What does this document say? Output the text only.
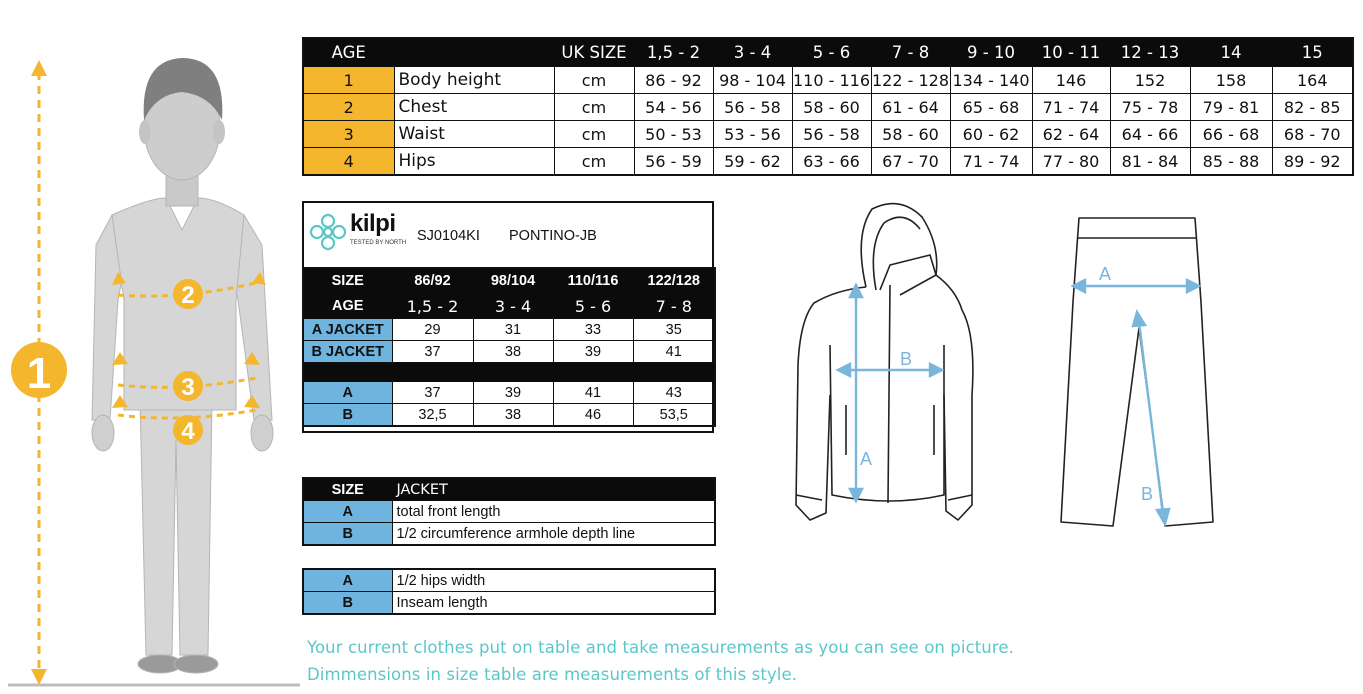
1
2
3
4
AGE		UK SIZE	1,5 - 2	3 - 4	5 - 6	7 - 8	9 - 10	10 - 11	12 - 13	14	15
1	Body height	cm	86 - 92	98 - 104	110 - 116	122 - 128	134 - 140	146	152	158	164
2	Chest	cm	54 - 56	56 - 58	58 - 60	61 - 64	65 - 68	71 - 74	75 - 78	79 - 81	82 - 85
3	Waist	cm	50 - 53	53 - 56	56 - 58	58 - 60	60 - 62	62 - 64	64 - 66	66 - 68	68 - 70
4	Hips	cm	56 - 59	59 - 62	63 - 66	67 - 70	71 - 74	77 - 80	81 - 84	85 - 88	89 - 92
kilpi
TESTED BY NORTH SJ0104KI PONTINO-JB
SIZE	86/92	98/104	110/116	122/128
AGE	1,5 - 2	3 - 4	5 - 6	7 - 8
A JACKET	29	31	33	35
B JACKET	37	38	39	41

A	37	39	41	43
B	32,5	38	46	53,5
SIZE	JACKET
A	total front length
B	1/2 circumference armhole depth line
A	1/2 hips width
B	Inseam length
A
B
A
B
Your current clothes put on table and take measurements as you can see on picture.
Dimmensions in size table are measurements of this style.
